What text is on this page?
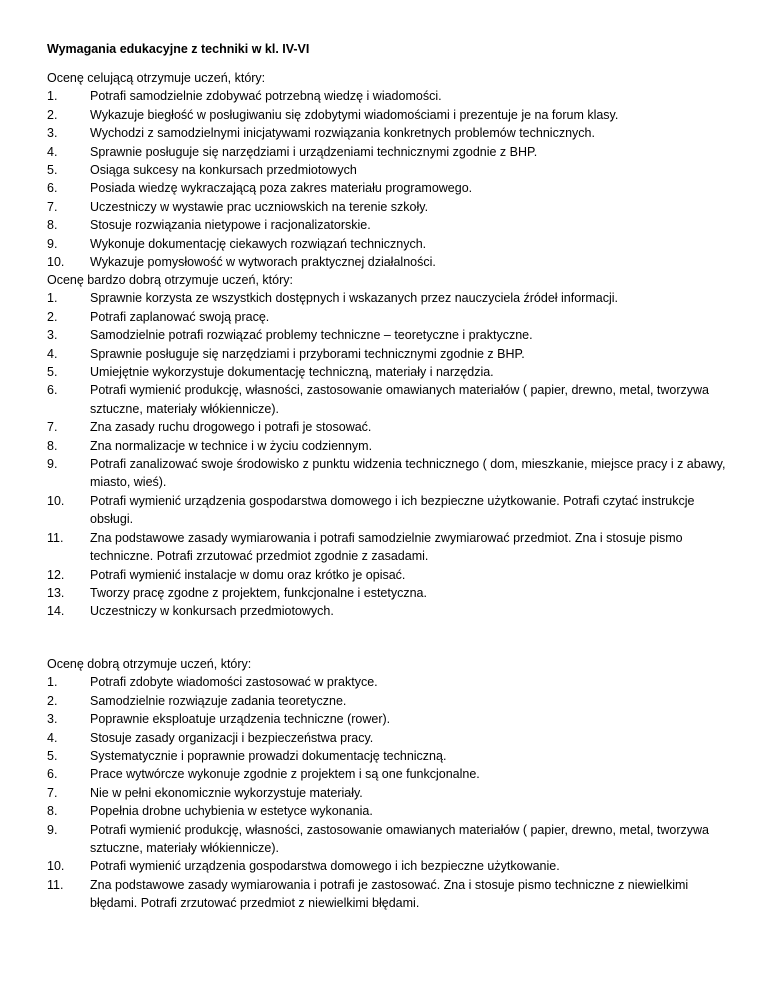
Wymagania edukacyjne z techniki w kl. IV-VI
Ocenę celującą otrzymuje uczeń, który:
1.	Potrafi samodzielnie zdobywać potrzebną wiedzę i wiadomości.
2.	Wykazuje biegłość w posługiwaniu się zdobytymi wiadomościami i prezentuje je na forum klasy.
3.	Wychodzi z samodzielnymi inicjatywami rozwiązania konkretnych problemów technicznych.
4.	Sprawnie posługuje się narzędziami i urządzeniami technicznymi zgodnie z BHP.
5.	Osiąga sukcesy na konkursach przedmiotowych
6.	Posiada wiedzę wykraczającą poza zakres materiału programowego.
7.	Uczestniczy w wystawie prac uczniowskich na terenie szkoły.
8.	Stosuje rozwiązania nietypowe i racjonalizatorskie.
9.	Wykonuje dokumentację ciekawych rozwiązań technicznych.
10.	Wykazuje pomysłowość w wytworach praktycznej działalności.
Ocenę bardzo dobrą otrzymuje uczeń, który:
1.	Sprawnie korzysta ze wszystkich dostępnych i wskazanych przez nauczyciela źródeł informacji.
2.	Potrafi zaplanować swoją pracę.
3.	Samodzielnie potrafi rozwiązać problemy techniczne – teoretyczne i praktyczne.
4.	Sprawnie posługuje się narzędziami i przyborami technicznymi zgodnie z BHP.
5.	Umiejętnie wykorzystuje dokumentację techniczną, materiały i narzędzia.
6.	Potrafi wymienić produkcję, własności, zastosowanie omawianych materiałów ( papier, drewno, metal, tworzywa sztuczne, materiały włókiennicze).
7.	Zna zasady ruchu drogowego i potrafi je stosować.
8.	Zna normalizacje w technice i w życiu codziennym.
9.	Potrafi zanalizować swoje środowisko z punktu widzenia technicznego ( dom, mieszkanie, miejsce pracy i z abawy, miasto, wieś).
10.	Potrafi wymienić urządzenia gospodarstwa domowego i ich bezpieczne użytkowanie. Potrafi czytać instrukcje obsługi.
11.	Zna podstawowe zasady wymiarowania i potrafi samodzielnie zwymiarować przedmiot. Zna i stosuje pismo techniczne. Potrafi zrzutować przedmiot zgodnie z zasadami.
12.	Potrafi wymienić instalacje w domu oraz krótko je opisać.
13.	Tworzy pracę zgodne z projektem, funkcjonalne i estetyczna.
14.	Uczestniczy w konkursach przedmiotowych.
Ocenę dobrą otrzymuje uczeń, który:
1.	Potrafi zdobyte wiadomości zastosować w praktyce.
2.	Samodzielnie rozwiązuje zadania teoretyczne.
3.	Poprawnie eksploatuje urządzenia techniczne (rower).
4.	Stosuje zasady organizacji i bezpieczeństwa pracy.
5.	Systematycznie i poprawnie prowadzi dokumentację techniczną.
6.	Prace wytwórcze wykonuje zgodnie z projektem i są one funkcjonalne.
7.	Nie w pełni ekonomicznie wykorzystuje materiały.
8.	Popełnia drobne uchybienia w estetyce wykonania.
9.	Potrafi wymienić produkcję, własności, zastosowanie omawianych materiałów ( papier, drewno, metal, tworzywa sztuczne, materiały włókiennicze).
10.	Potrafi wymienić urządzenia gospodarstwa domowego i ich bezpieczne użytkowanie.
11.	Zna podstawowe zasady wymiarowania i potrafi je zastosować. Zna i stosuje pismo techniczne z niewielkimi błędami. Potrafi zrzutować przedmiot z niewielkimi błędami.
